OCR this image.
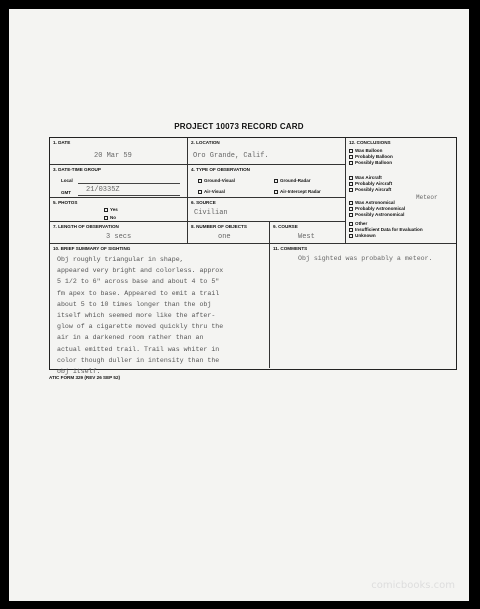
PROJECT 10073 RECORD CARD
1. DATE
20 Mar 59
2. LOCATION
Oro Grande, Calif.
3. DATE-TIME GROUP
Local
GMT 21/0335Z
4. TYPE OF OBSERVATION
Ground-Visual	Ground-Radar
Air-Visual	Air-Intercept Radar
5. PHOTOS
Yes
No
6. SOURCE
Civilian
7. LENGTH OF OBSERVATION
3 secs
8. NUMBER OF OBJECTS
one
9. COURSE
West
12. CONCLUSIONS
Was Balloon
Probably Balloon
Possibly Balloon
Was Aircraft
Probably Aircraft
Possibly Aircraft
Was Astronomical
Probably Astronomical
Possibly Astronomical
Other
Insufficient Data for Evaluation
Unknown
Meteor
10. BRIEF SUMMARY OF SIGHTING
Obj roughly triangular in shape,
appeared very bright and colorless. approx
5 1/2 to 6" across base and about 4 to 5"
fm apex to base. Appeared to emit a trail
about 5 to 10 times longer than the obj
itself which seemed more like the after-
glow of a cigarette moved quickly thru the
air in a darkened room rather than an
actual emitted trail. Trail was whiter in
color though duller in intensity than the
obj itself.
11. COMMENTS
Obj sighted was probably a meteor.
ATIC FORM 329 (REV 26 SEP 52)
comicbooks.com
